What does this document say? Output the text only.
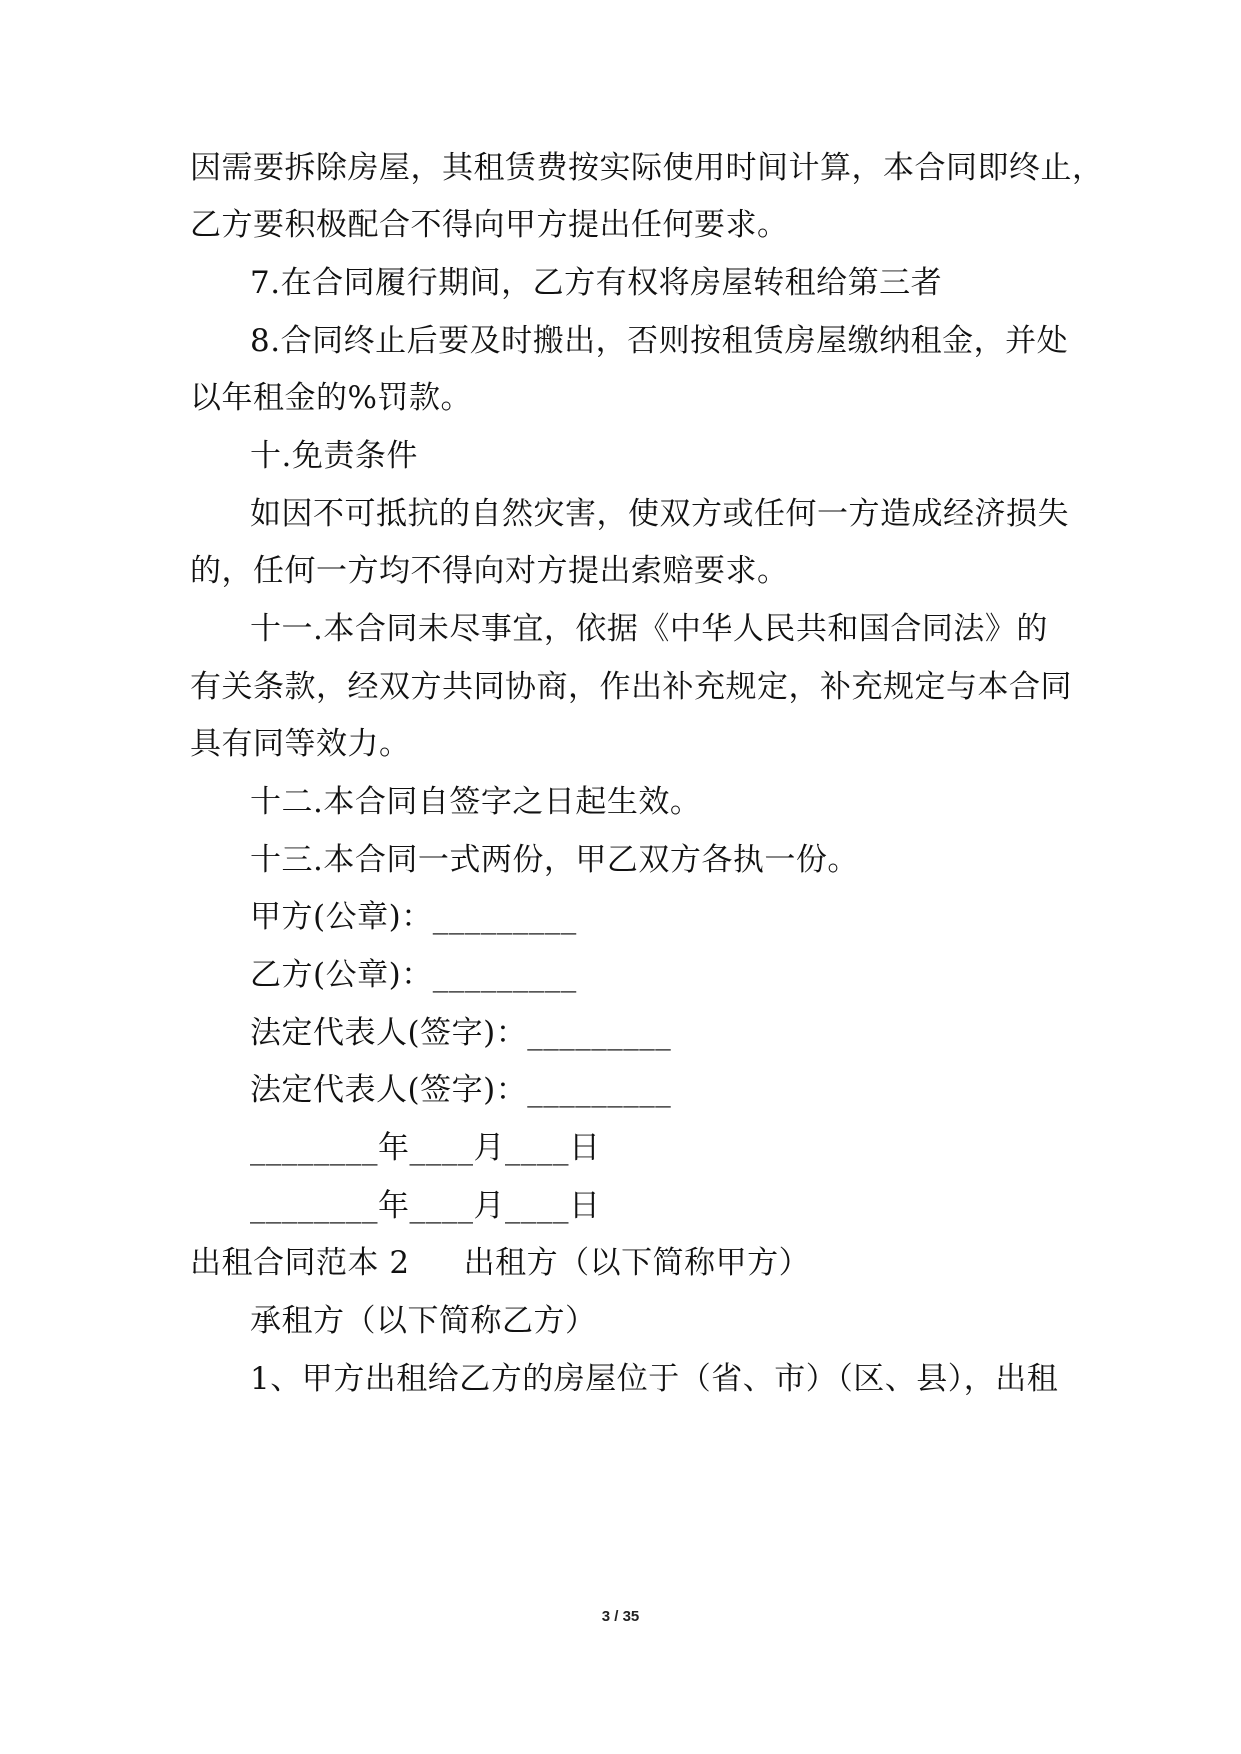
因需要拆除房屋，其租赁费按实际使用时间计算，本合同即终止，
乙方要积极配合不得向甲方提出任何要求。
7.在合同履行期间，乙方有权将房屋转租给第三者
8.合同终止后要及时搬出，否则按租赁房屋缴纳租金，并处
以年租金的%罚款。
十.免责条件
如因不可抵抗的自然灾害，使双方或任何一方造成经济损失
的，任何一方均不得向对方提出索赔要求。
十一.本合同未尽事宜，依据《中华人民共和国合同法》的
有关条款，经双方共同协商，作出补充规定，补充规定与本合同
具有同等效力。
十二.本合同自签字之日起生效。
十三.本合同一式两份，甲乙双方各执一份。
甲方(公章)：_________
乙方(公章)：_________
法定代表人(签字)：_________
法定代表人(签字)：_________
________年____月____日
________年____月____日
出租合同范本 2 出租方（以下简称甲方）
承租方（以下简称乙方）
1、甲方出租给乙方的房屋位于（省、市）（区、县），出租
3 / 35
